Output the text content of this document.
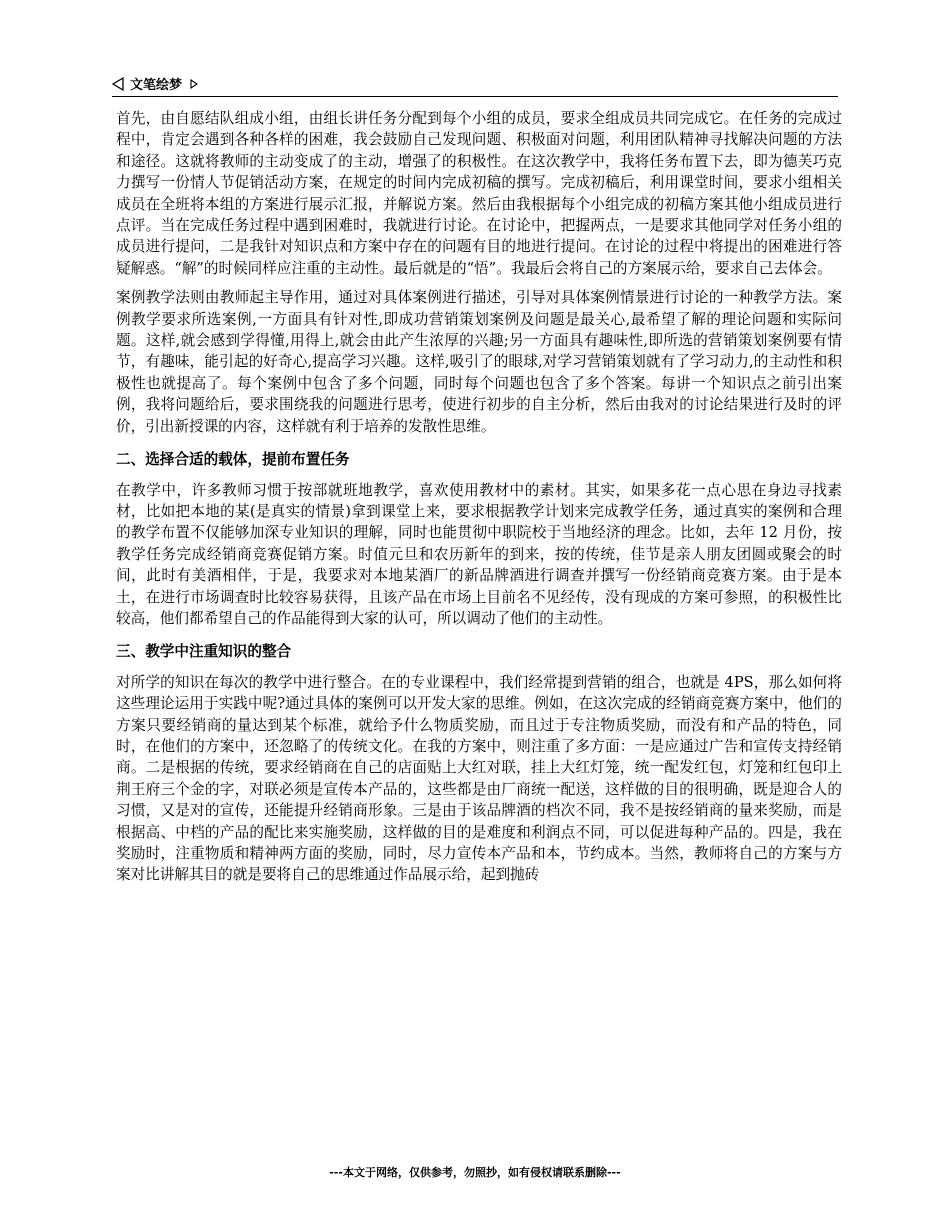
文笔绘梦

首先，由自愿结队组成小组，由组长讲任务分配到每个小组的成员，要求全组成员共同完成它。在任务的完成过程中，肯定会遇到各种各样的困难，我会鼓励自己发现问题、积极面对问题，利用团队精神寻找解决问题的方法和途径。这就将教师的主动变成了的主动，增强了的积极性。在这次教学中，我将任务布置下去，即为德芙巧克力撰写一份情人节促销活动方案，在规定的时间内完成初稿的撰写。完成初稿后，利用课堂时间，要求小组相关成员在全班将本组的方案进行展示汇报，并解说方案。然后由我根据每个小组完成的初稿方案其他小组成员进行点评。当在完成任务过程中遇到困难时，我就进行讨论。在讨论中，把握两点，一是要求其他同学对任务小组的成员进行提问，二是我针对知识点和方案中存在的问题有目的地进行提问。在讨论的过程中将提出的困难进行答疑解惑。“解”的时候同样应注重的主动性。最后就是的“悟”。我最后会将自己的方案展示给，要求自己去体会。

案例教学法则由教师起主导作用，通过对具体案例进行描述，引导对具体案例情景进行讨论的一种教学方法。案例教学要求所选案例,一方面具有针对性,即成功营销策划案例及问题是最关心,最希望了解的理论问题和实际问题。这样,就会感到学得懂,用得上,就会由此产生浓厚的兴趣;另一方面具有趣味性,即所选的营销策划案例要有情节，有趣味，能引起的好奇心,提高学习兴趣。这样,吸引了的眼球,对学习营销策划就有了学习动力,的主动性和积极性也就提高了。每个案例中包含了多个问题，同时每个问题也包含了多个答案。每讲一个知识点之前引出案例，我将问题给后，要求围绕我的问题进行思考，使进行初步的自主分析，然后由我对的讨论结果进行及时的评价，引出新授课的内容，这样就有利于培养的发散性思维。

二、选择合适的载体，提前布置任务

在教学中，许多教师习惯于按部就班地教学，喜欢使用教材中的素材。其实，如果多花一点心思在身边寻找素材，比如把本地的某(是真实的情景)拿到课堂上来，要求根据教学计划来完成教学任务，通过真实的案例和合理的教学布置不仅能够加深专业知识的理解，同时也能贯彻中职院校于当地经济的理念。比如，去年 12 月份，按教学任务完成经销商竞赛促销方案。时值元旦和农历新年的到来，按的传统，佳节是亲人朋友团圆或聚会的时间，此时有美酒相伴，于是，我要求对本地某酒厂的新品牌酒进行调查并撰写一份经销商竞赛方案。由于是本土，在进行市场调查时比较容易获得，且该产品在市场上目前名不见经传，没有现成的方案可参照，的积极性比较高，他们都希望自己的作品能得到大家的认可，所以调动了他们的主动性。

三、教学中注重知识的整合

对所学的知识在每次的教学中进行整合。在的专业课程中，我们经常提到营销的组合，也就是 4PS，那么如何将这些理论运用于实践中呢?通过具体的案例可以开发大家的思维。例如，在这次完成的经销商竞赛方案中，他们的方案只要经销商的量达到某个标准，就给予什么物质奖励，而且过于专注物质奖励，而没有和产品的特色，同时，在他们的方案中，还忽略了的传统文化。在我的方案中，则注重了多方面：一是应通过广告和宣传支持经销商。二是根据的传统，要求经销商在自己的店面贴上大红对联，挂上大红灯笼，统一配发红包，灯笼和红包印上荆王府三个金的字，对联必须是宣传本产品的，这些都是由厂商统一配送，这样做的目的很明确，既是迎合人的习惯，又是对的宣传，还能提升经销商形象。三是由于该品牌酒的档次不同，我不是按经销商的量来奖励，而是根据高、中档的产品的配比来实施奖励，这样做的目的是难度和利润点不同，可以促进每种产品的。四是，我在奖励时，注重物质和精神两方面的奖励，同时，尽力宣传本产品和本，节约成本。当然，教师将自己的方案与方案对比讲解其目的就是要将自己的思维通过作品展示给，起到抛砖

---本文于网络，仅供参考，勿照抄，如有侵权请联系删除---
